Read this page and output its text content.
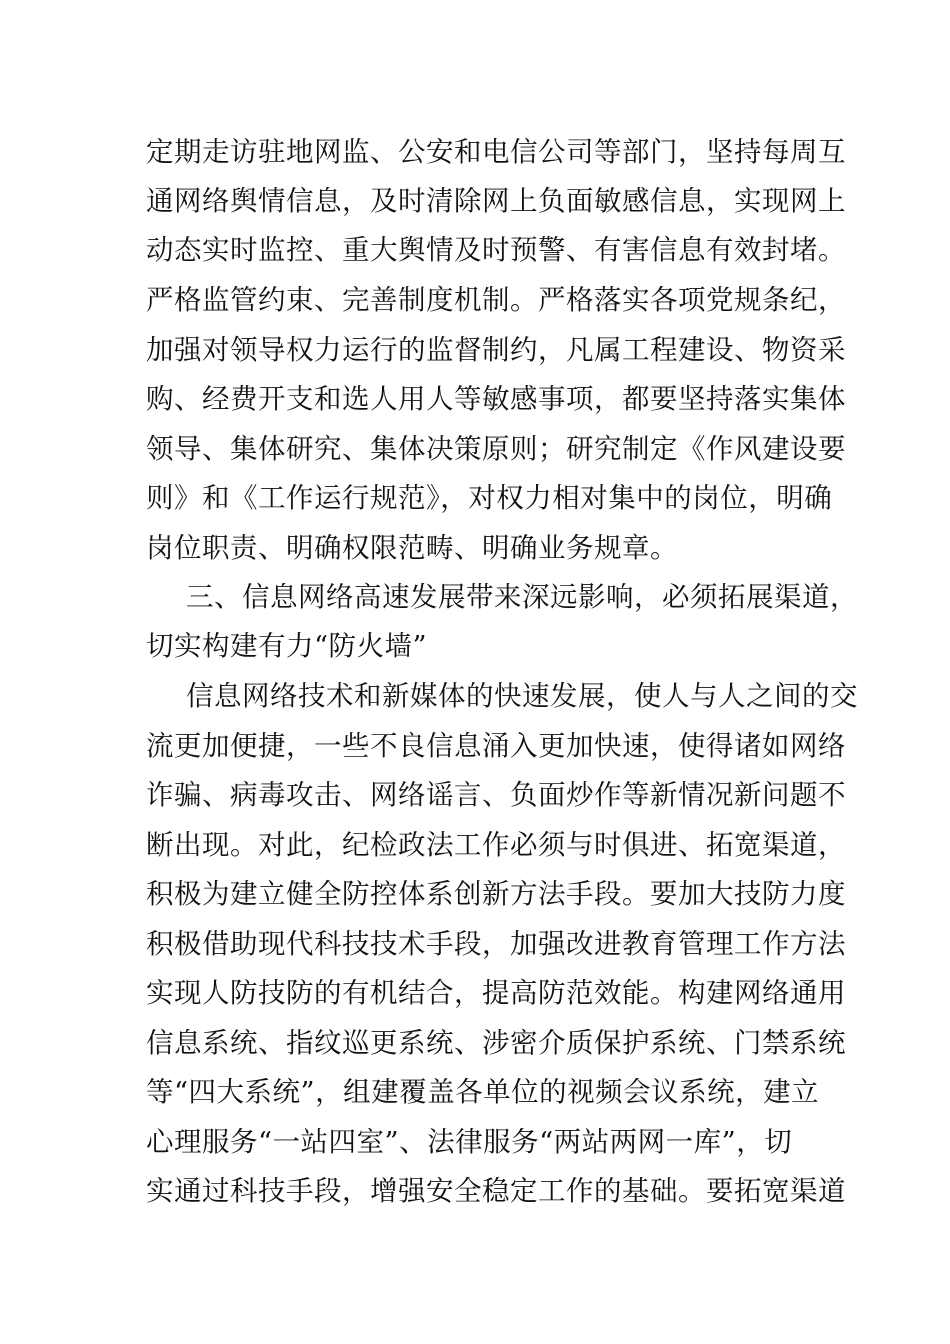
定期走访驻地网监、公安和电信公司等部门，坚持每周互
通网络舆情信息，及时清除网上负面敏感信息，实现网上
动态实时监控、重大舆情及时预警、有害信息有效封堵。
严格监管约束、完善制度机制。严格落实各项党规条纪，
加强对领导权力运行的监督制约，凡属工程建设、物资采
购、经费开支和选人用人等敏感事项，都要坚持落实集体
领导、集体研究、集体决策原则；研究制定《作风建设要
则》和《工作运行规范》，对权力相对集中的岗位，明确
岗位职责、明确权限范畴、明确业务规章。
三、信息网络高速发展带来深远影响，必须拓展渠道，
切实构建有力“防火墙”
信息网络技术和新媒体的快速发展，使人与人之间的交
流更加便捷，一些不良信息涌入更加快速，使得诸如网络
诈骗、病毒攻击、网络谣言、负面炒作等新情况新问题不
断出现。对此，纪检政法工作必须与时俱进、拓宽渠道，
积极为建立健全防控体系创新方法手段。要加大技防力度
积极借助现代科技技术手段，加强改进教育管理工作方法
实现人防技防的有机结合，提高防范效能。构建网络通用
信息系统、指纹巡更系统、涉密介质保护系统、门禁系统
等“四大系统”，组建覆盖各单位的视频会议系统，建立
心理服务“一站四室”、法律服务“两站两网一库”，切
实通过科技手段，增强安全稳定工作的基础。要拓宽渠道
